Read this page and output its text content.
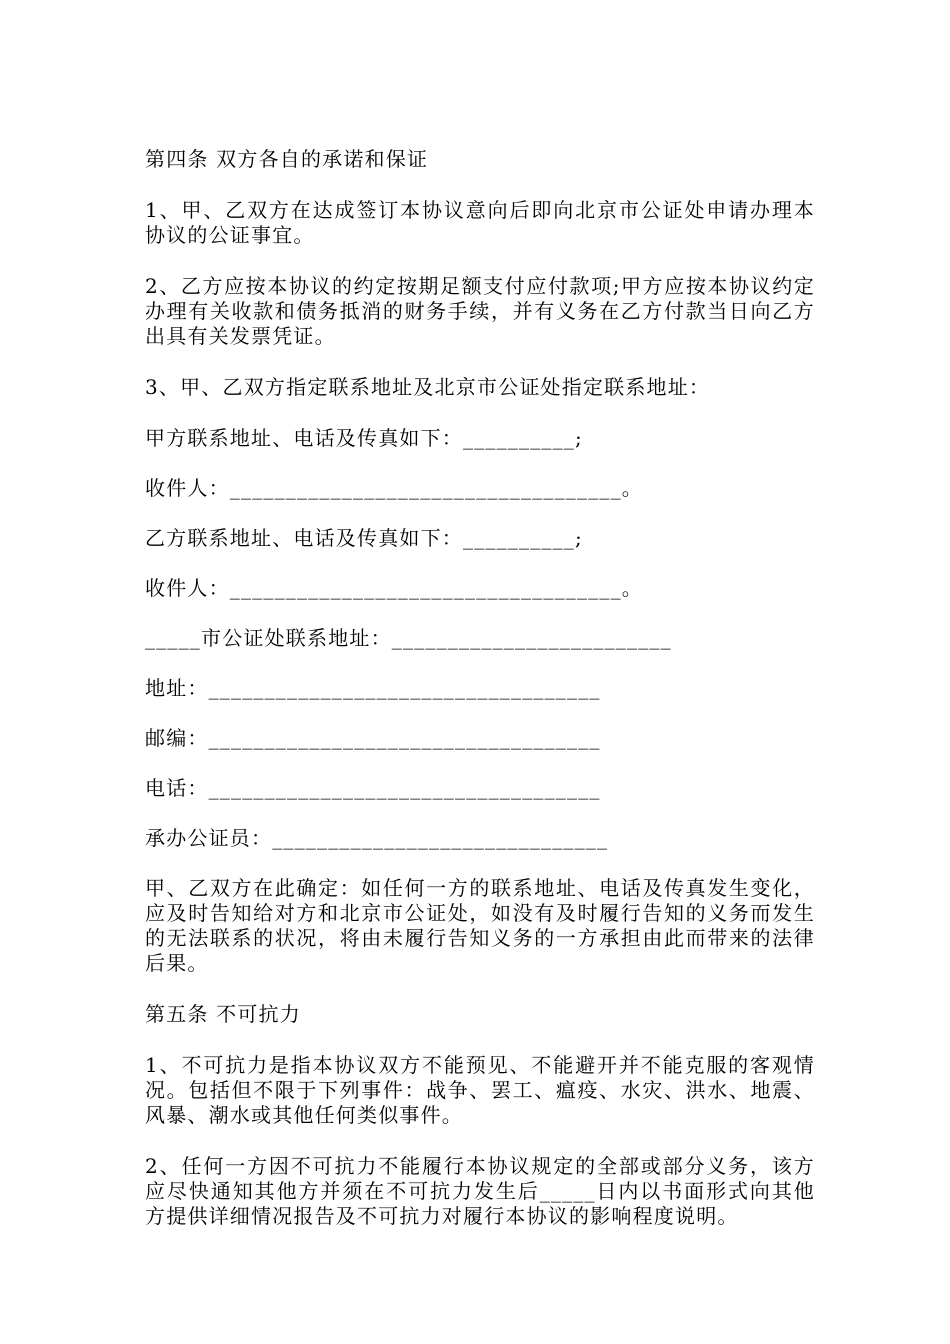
第四条 双方各自的承诺和保证

1、甲、乙双方在达成签订本协议意向后即向北京市公证处申请办理本协议的公证事宜。

2、乙方应按本协议的约定按期足额支付应付款项;甲方应按本协议约定办理有关收款和债务抵消的财务手续，并有义务在乙方付款当日向乙方出具有关发票凭证。

3、甲、乙双方指定联系地址及北京市公证处指定联系地址：

甲方联系地址、电话及传真如下：__________;

收件人：___________________________________。

乙方联系地址、电话及传真如下：__________;

收件人：___________________________________。

_____市公证处联系地址：_________________________

地址：___________________________________

邮编：___________________________________

电话：___________________________________

承办公证员：______________________________

甲、乙双方在此确定：如任何一方的联系地址、电话及传真发生变化，应及时告知给对方和北京市公证处，如没有及时履行告知的义务而发生的无法联系的状况，将由未履行告知义务的一方承担由此而带来的法律后果。

第五条 不可抗力

1、不可抗力是指本协议双方不能预见、不能避开并不能克服的客观情况。包括但不限于下列事件：战争、罢工、瘟疫、水灾、洪水、地震、风暴、潮水或其他任何类似事件。

2、任何一方因不可抗力不能履行本协议规定的全部或部分义务，该方应尽快通知其他方并须在不可抗力发生后_____日内以书面形式向其他方提供详细情况报告及不可抗力对履行本协议的影响程度说明。
